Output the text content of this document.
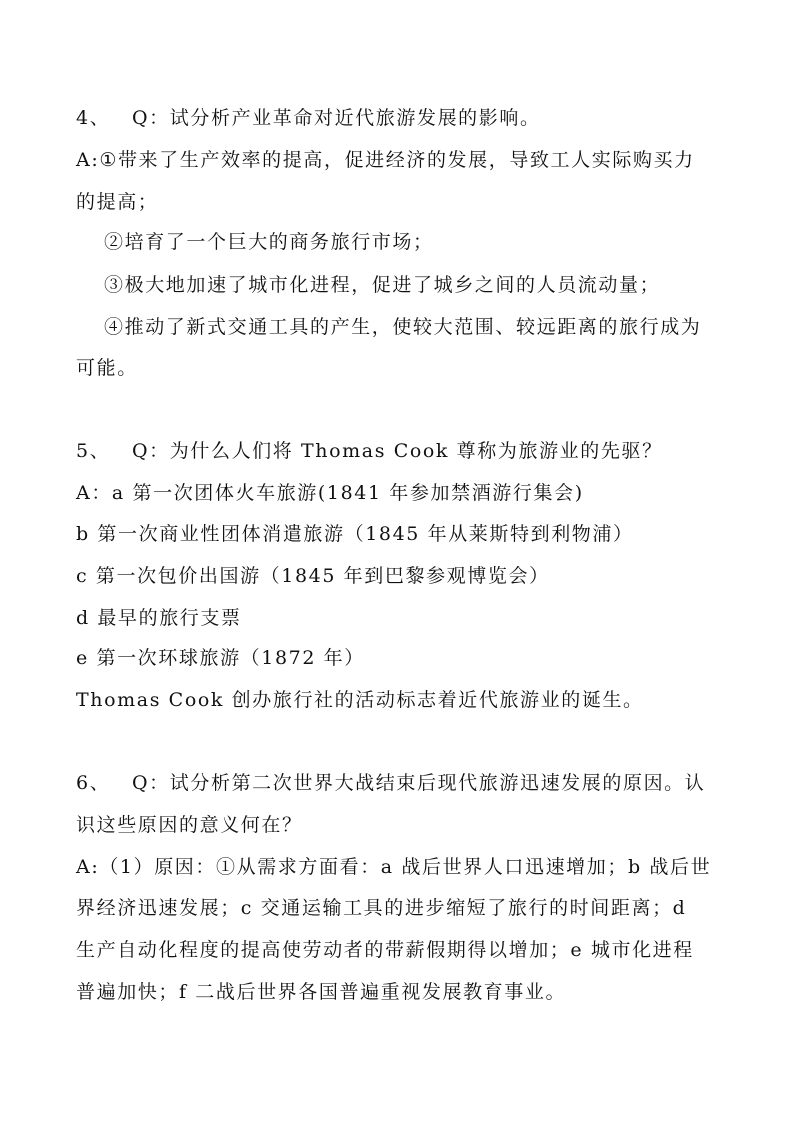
4、 Q：试分析产业革命对近代旅游发展的影响。
A:①带来了生产效率的提高，促进经济的发展，导致工人实际购买力
的提高；
②培育了一个巨大的商务旅行市场；
③极大地加速了城市化进程，促进了城乡之间的人员流动量；
④推动了新式交通工具的产生，使较大范围、较远距离的旅行成为
可能。
5、 Q：为什么人们将 Thomas Cook 尊称为旅游业的先驱？
A：a 第一次团体火车旅游(1841 年参加禁酒游行集会)
b 第一次商业性团体消遣旅游（1845 年从莱斯特到利物浦）
c 第一次包价出国游（1845 年到巴黎参观博览会）
d 最早的旅行支票
e 第一次环球旅游（1872 年）
Thomas Cook 创办旅行社的活动标志着近代旅游业的诞生。
6、 Q：试分析第二次世界大战结束后现代旅游迅速发展的原因。认
识这些原因的意义何在？
A:（1）原因：①从需求方面看：a 战后世界人口迅速增加；b 战后世
界经济迅速发展；c 交通运输工具的进步缩短了旅行的时间距离；d
生产自动化程度的提高使劳动者的带薪假期得以增加；e 城市化进程
普遍加快；f 二战后世界各国普遍重视发展教育事业。
